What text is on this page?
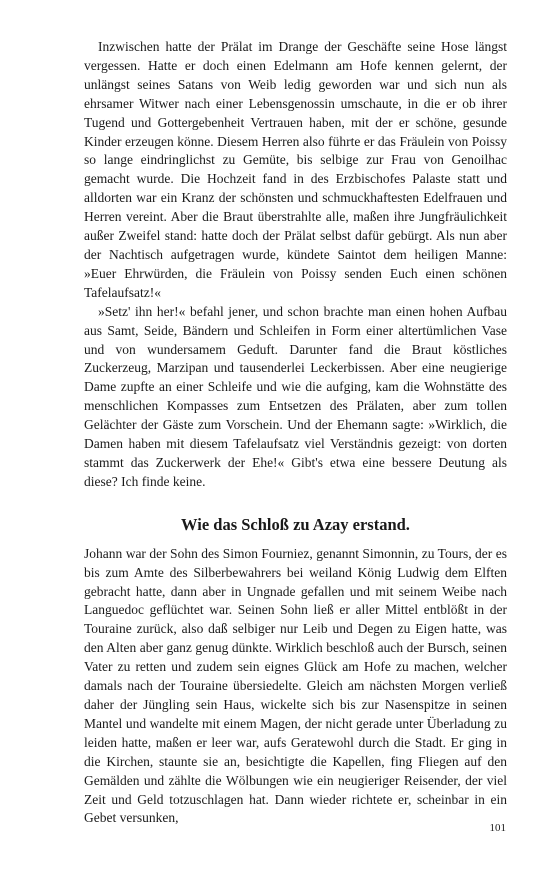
Inzwischen hatte der Prälat im Drange der Geschäfte seine Hose längst vergessen. Hatte er doch einen Edelmann am Hofe kennen gelernt, der unlängst seines Satans von Weib ledig geworden war und sich nun als ehrsamer Witwer nach einer Lebensgenossin umschaute, in die er ob ihrer Tugend und Gottergebenheit Vertrauen haben, mit der er schöne, gesunde Kinder erzeugen könne. Diesem Herren also führte er das Fräulein von Poissy so lange eindringlichst zu Gemüte, bis selbige zur Frau von Genoilhac gemacht wurde. Die Hochzeit fand in des Erzbischofes Palaste statt und alldorten war ein Kranz der schönsten und schmuckhaftesten Edelfrauen und Herren vereint. Aber die Braut überstrahlte alle, maßen ihre Jungfräulichkeit außer Zweifel stand: hatte doch der Prälat selbst dafür gebürgt. Als nun aber der Nachtisch aufgetragen wurde, kündete Saintot dem heiligen Manne: »Euer Ehrwürden, die Fräulein von Poissy senden Euch einen schönen Tafelaufsatz!«

»Setz' ihn her!« befahl jener, und schon brachte man einen hohen Aufbau aus Samt, Seide, Bändern und Schleifen in Form einer altertümlichen Vase und von wundersamem Geduft. Darunter fand die Braut köstliches Zuckerzeug, Marzipan und tausenderlei Leckerbissen. Aber eine neugierige Dame zupfte an einer Schleife und wie die aufging, kam die Wohnstätte des menschlichen Kompasses zum Entsetzen des Prälaten, aber zum tollen Gelächter der Gäste zum Vorschein. Und der Ehemann sagte: »Wirklich, die Damen haben mit diesem Tafelaufsatz viel Verständnis gezeigt: von dorten stammt das Zuckerwerk der Ehe!« Gibt's etwa eine bessere Deutung als diese? Ich finde keine.

Wie das Schloß zu Azay erstand.

Johann war der Sohn des Simon Fourniez, genannt Simonnin, zu Tours, der es bis zum Amte des Silberbewahrers bei weiland König Ludwig dem Elften gebracht hatte, dann aber in Ungnade gefallen und mit seinem Weibe nach Languedoc geflüchtet war. Seinen Sohn ließ er aller Mittel entblößt in der Touraine zurück, also daß selbiger nur Leib und Degen zu Eigen hatte, was den Alten aber ganz genug dünkte. Wirklich beschloß auch der Bursch, seinen Vater zu retten und zudem sein eignes Glück am Hofe zu machen, welcher damals nach der Touraine übersiedelte. Gleich am nächsten Morgen verließ daher der Jüngling sein Haus, wickelte sich bis zur Nasenspitze in seinen Mantel und wandelte mit einem Magen, der nicht gerade unter Überladung zu leiden hatte, maßen er leer war, aufs Geratewohl durch die Stadt. Er ging in die Kirchen, staunte sie an, besichtigte die Kapellen, fing Fliegen auf den Gemälden und zählte die Wölbungen wie ein neugieriger Reisender, der viel Zeit und Geld totzuschlagen hat. Dann wieder richtete er, scheinbar in ein Gebet versunken,

101
